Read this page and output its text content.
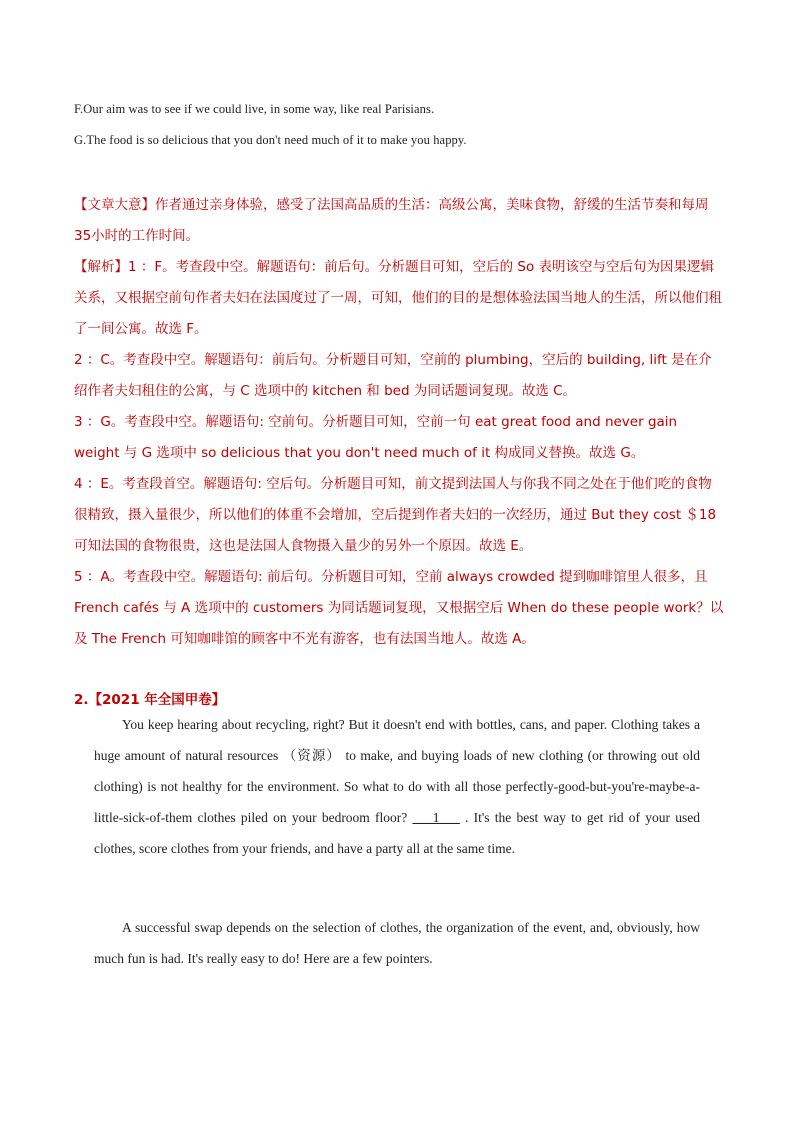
F.Our aim was to see if we could live, in some way, like real Parisians.
G.The food is so delicious that you don't need much of it to make you happy.
【文章大意】作者通过亲身体验，感受了法国高品质的生活：高级公寓，美味食物，舒缓的生活节奏和每周35小时的工作时间。
【解析】1 ：F。考查段中空。解题语句：前后句。分析题目可知，空后的 So 表明该空与空后句为因果逻辑关系，又根据空前句作者夫妇在法国度过了一周，可知，他们的目的是想体验法国当地人的生活，所以他们租了一间公寓。故选 F。
2 ：C。考查段中空。解题语句：前后句。分析题目可知，空前的 plumbing，空后的 building, lift 是在介绍作者夫妇租住的公寓，与 C 选项中的 kitchen 和 bed 为同话题词复现。故选 C。
3 ：G。考查段中空。解题语句: 空前句。分析题目可知，空前一句 eat great food and never gain weight 与 G 选项中 so delicious that you don't need much of it 构成同义替换。故选 G。
4 ：E。考查段首空。解题语句: 空后句。分析题目可知，前文提到法国人与你我不同之处在于他们吃的食物很精致，摄入量很少，所以他们的体重不会增加，空后提到作者夫妇的一次经历，通过 But they cost ＄18 可知法国的食物很贵，这也是法国人食物摄入量少的另外一个原因。故选 E。
5 ：A。考查段中空。解题语句: 前后句。分析题目可知，空前 always crowded 提到咖啡馆里人很多，且 French cafés 与 A 选项中的 customers 为同话题词复现，又根据空后 When do these people work？以及 The French 可知咖啡馆的顾客中不光有游客，也有法国当地人。故选 A。
2.【2021 年全国甲卷】
You keep hearing about recycling, right? But it doesn't end with bottles, cans, and paper. Clothing takes a huge amount of natural resources （资源） to make, and buying loads of new clothing (or throwing out old clothing) is not healthy for the environment. So what to do with all those perfectly-good-but-you're-maybe-a-little-sick-of-them clothes piled on your bedroom floor? ___1___ . It's the best way to get rid of your used clothes, score clothes from your friends, and have a party all at the same time.
A successful swap depends on the selection of clothes, the organization of the event, and, obviously, how much fun is had. It's really easy to do! Here are a few pointers.
